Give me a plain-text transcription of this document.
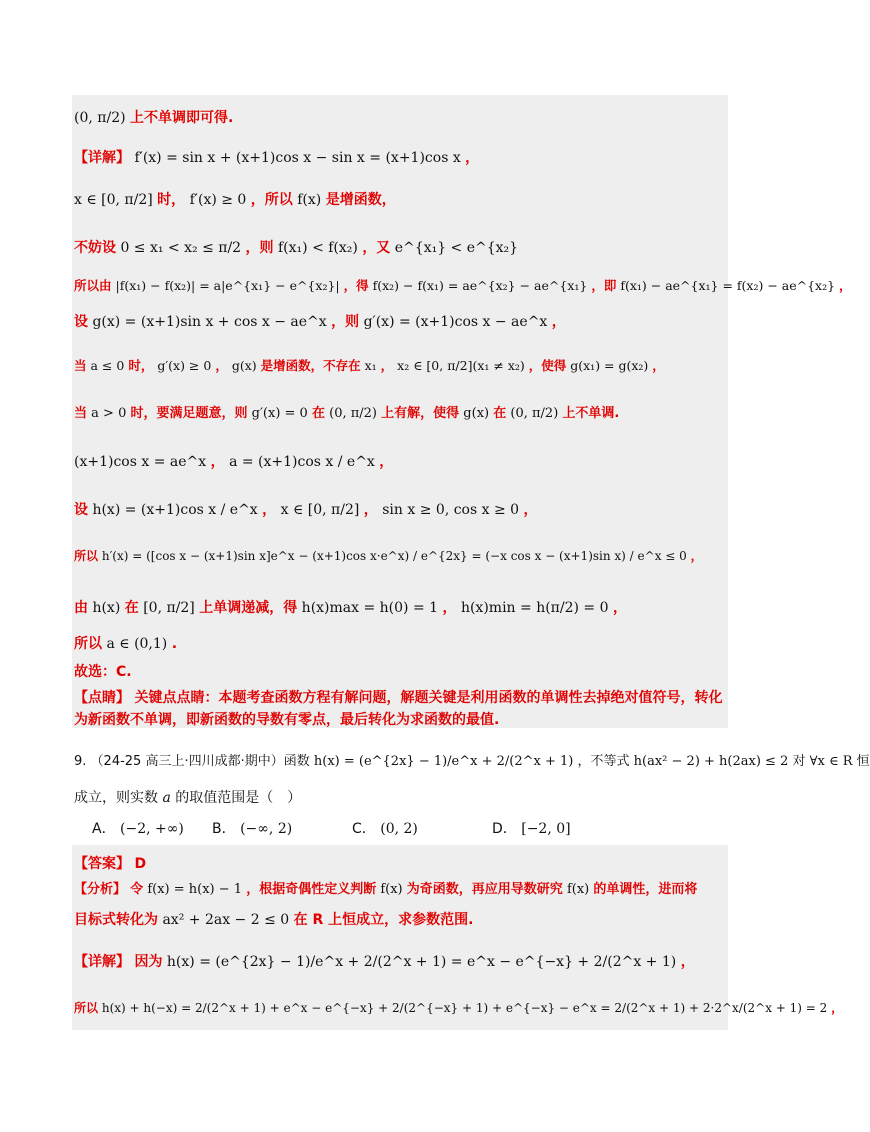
(0, π/2) 上不单调即可得.
【详解】 f′(x) = sin x + (x+1)cos x − sin x = (x+1)cos x ，
x ∈ [0, π/2] 时， f′(x) ≥ 0 ，所以 f(x) 是增函数，
不妨设 0 ≤ x₁ < x₂ ≤ π/2 ，则 f(x₁) < f(x₂) ，又 e^{x₁} < e^{x₂}
所以由 |f(x₁) − f(x₂)| = a|e^{x₁} − e^{x₂}| ，得 f(x₂) − f(x₁) = ae^{x₂} − ae^{x₁} ，即 f(x₁) − ae^{x₁} = f(x₂) − ae^{x₂} ，
设 g(x) = (x+1)sin x + cos x − ae^x ，则 g′(x) = (x+1)cos x − ae^x ，
当 a ≤ 0 时， g′(x) ≥ 0 ， g(x) 是增函数，不存在 x₁ ， x₂ ∈ [0, π/2](x₁ ≠ x₂) ，使得 g(x₁) = g(x₂) ，
当 a > 0 时，要满足题意，则 g′(x) = 0 在 (0, π/2) 上有解，使得 g(x) 在 (0, π/2) 上不单调.
(x+1)cos x = ae^x ， a = (x+1)cos x / e^x ，
设 h(x) = (x+1)cos x / e^x ， x ∈ [0, π/2] ， sin x ≥ 0, cos x ≥ 0 ，
所以 h′(x) = ([cos x − (x+1)sin x]e^x − (x+1)cos x·e^x) / e^{2x} = (−x cos x − (x+1)sin x) / e^x ≤ 0 ，
由 h(x) 在 [0, π/2] 上单调递减，得 h(x)max = h(0) = 1 ， h(x)min = h(π/2) = 0 ，
所以 a ∈ (0,1) .
故选：C.
【点睛】 关键点点睛：本题考查函数方程有解问题，解题关键是利用函数的单调性去掉绝对值符号，转化
为新函数不单调，即新函数的导数有零点，最后转化为求函数的最值.
9. （24-25 高三上·四川成都·期中）函数 h(x) = (e^{2x} − 1)/e^x + 2/(2^x + 1) ，不等式 h(ax² − 2) + h(2ax) ≤ 2 对 ∀x ∈ R 恒
成立，则实数 a 的取值范围是（　）
A． (−2, +∞) B． (−∞, 2)	C． (0, 2)	D． [−2, 0]
【答案】 D
【分析】 令 f(x) = h(x) − 1 ，根据奇偶性定义判断 f(x) 为奇函数，再应用导数研究 f(x) 的单调性，进而将
目标式转化为 ax² + 2ax − 2 ≤ 0 在 R 上恒成立，求参数范围.
【详解】 因为 h(x) = (e^{2x} − 1)/e^x + 2/(2^x + 1) = e^x − e^{−x} + 2/(2^x + 1) ，
所以 h(x) + h(−x) = 2/(2^x + 1) + e^x − e^{−x} + 2/(2^{−x} + 1) + e^{−x} − e^x = 2/(2^x + 1) + 2·2^x/(2^x + 1) = 2 ，
